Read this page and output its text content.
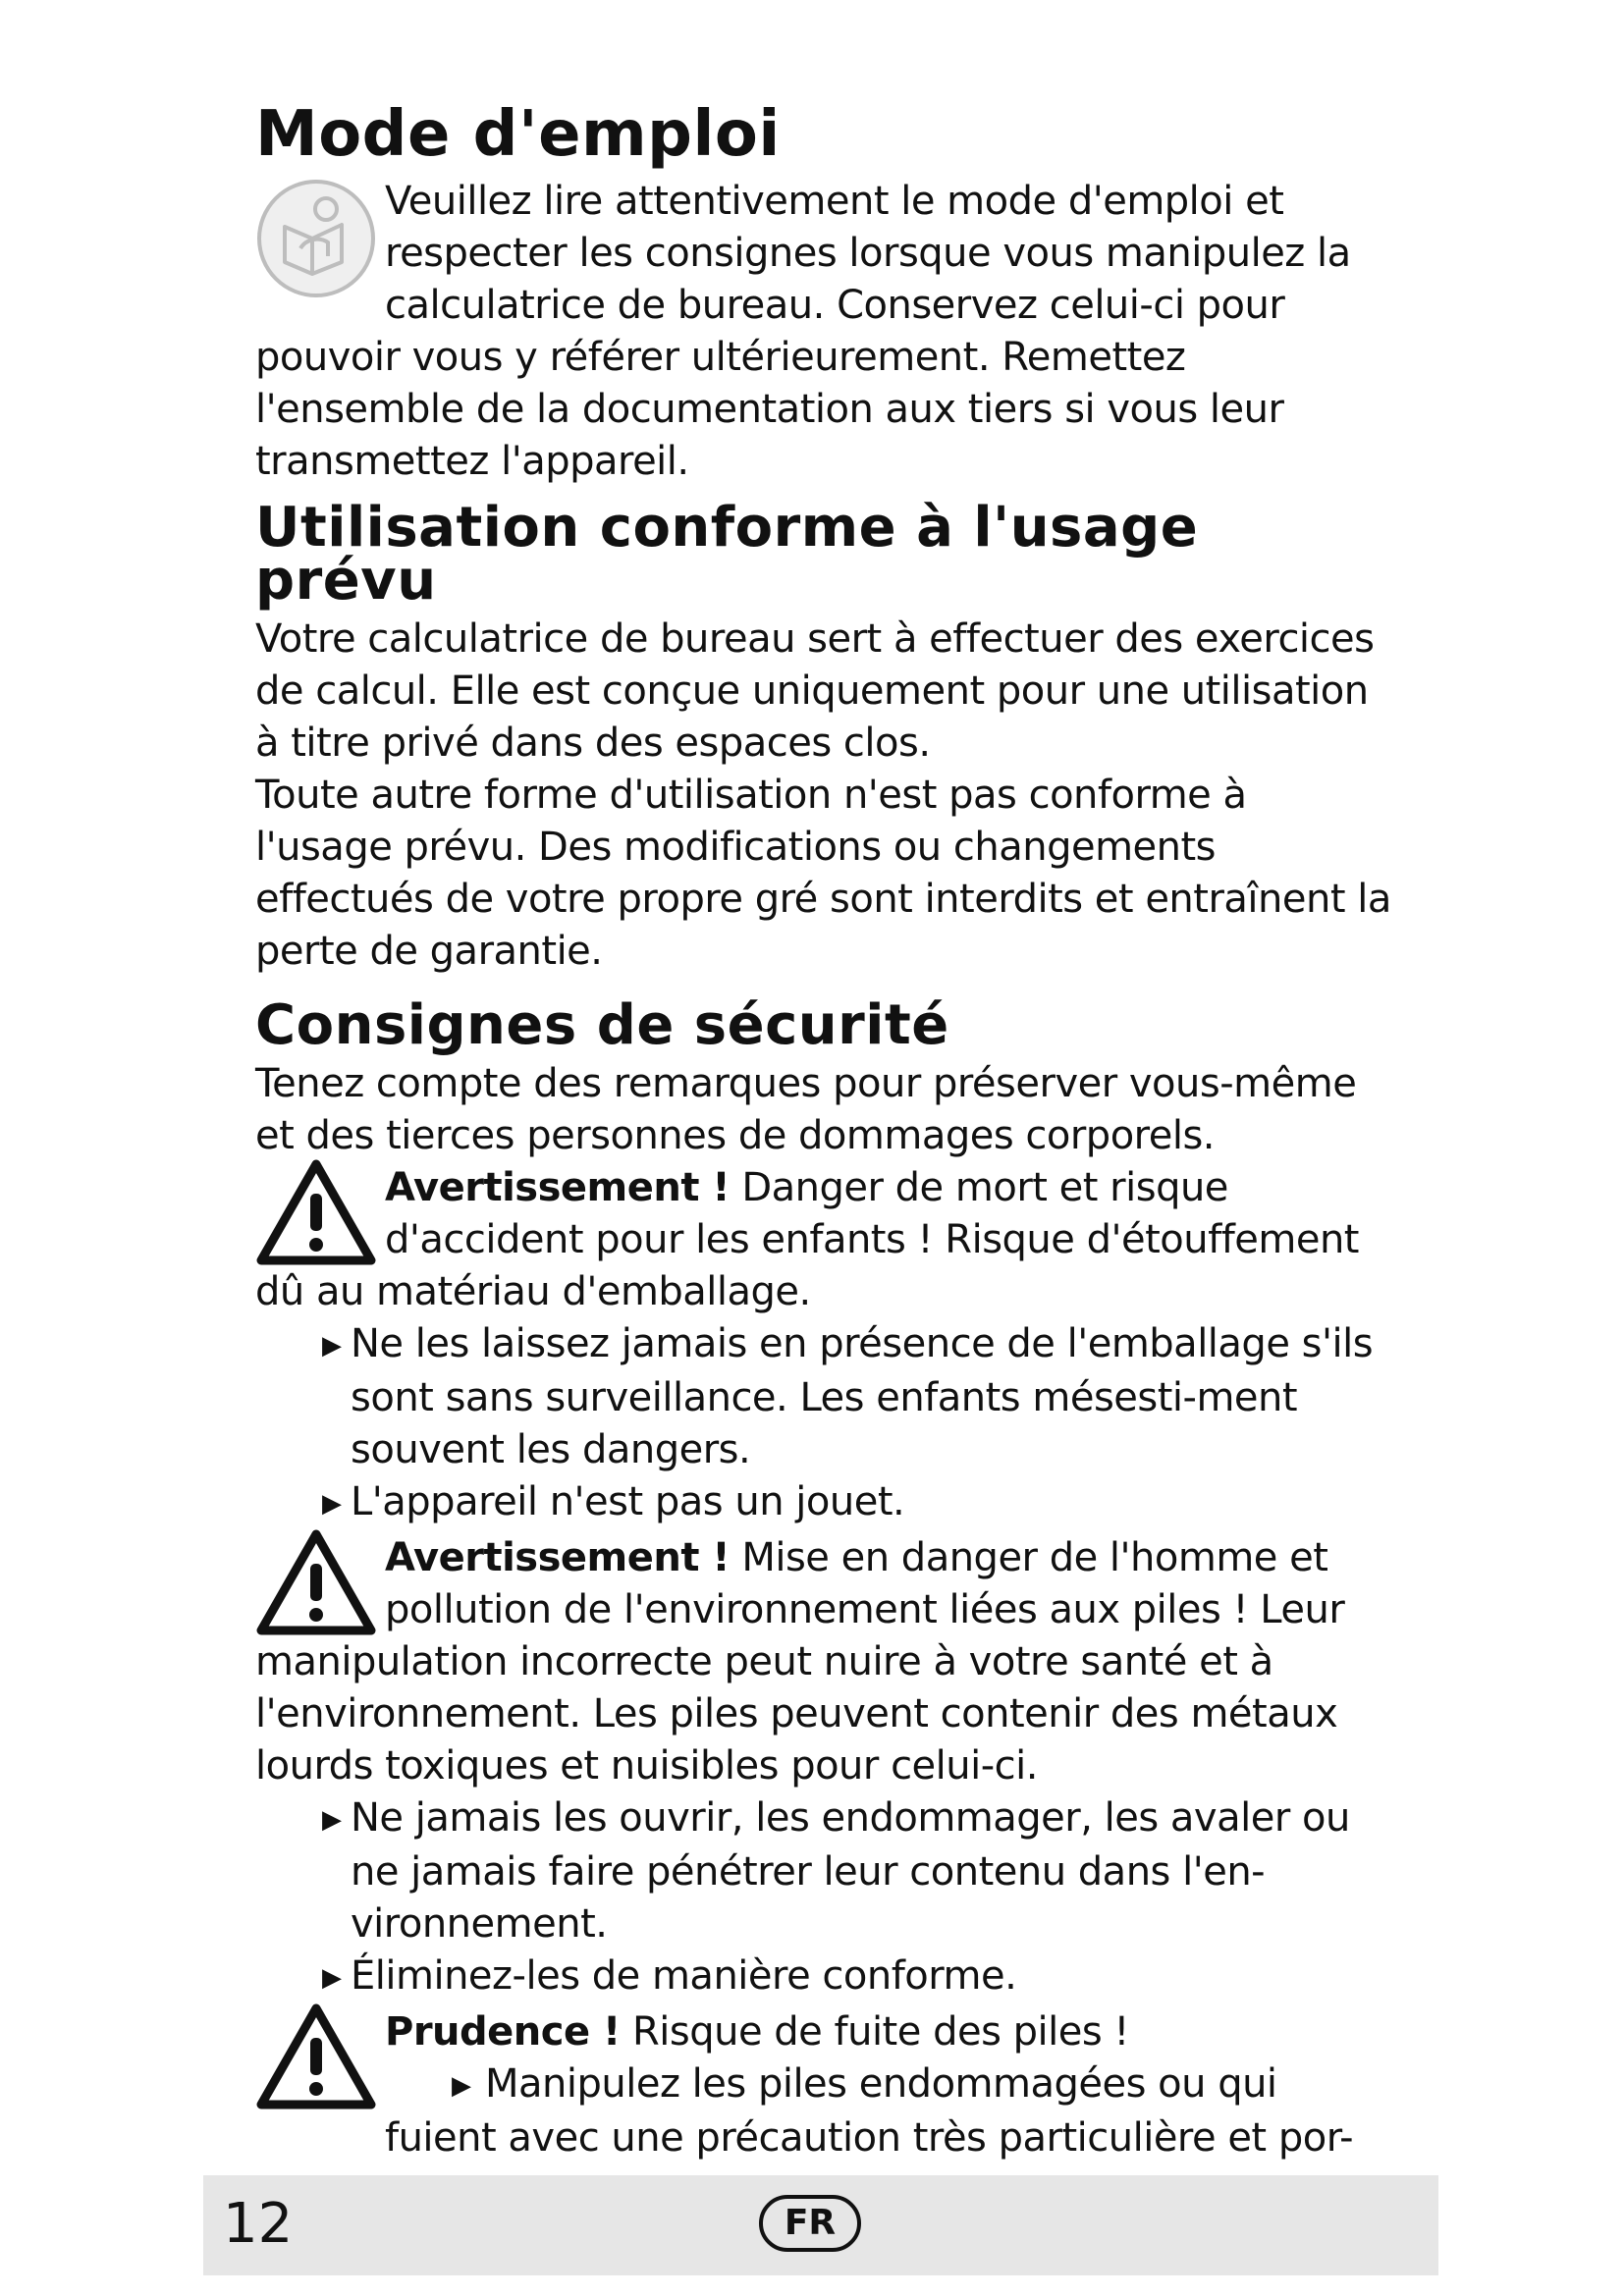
Mode d'emploi

Veuillez lire attentivement le mode d'emploi et respecter les consignes lorsque vous manipulez la calculatrice de bureau. Conservez celui-ci pour pouvoir vous y référer ultérieurement. Remettez l'ensemble de la documentation aux tiers si vous leur transmettez l'appareil.

Utilisation conforme à l'usage prévu

Votre calculatrice de bureau sert à effectuer des exercices de calcul. Elle est conçue uniquement pour une utilisation à titre privé dans des espaces clos.

Toute autre forme d'utilisation n'est pas conforme à l'usage prévu. Des modifications ou changements effectués de votre propre gré sont interdits et entraînent la perte de garantie.

Consignes de sécurité

Tenez compte des remarques pour préserver vous-même et des tierces personnes de dommages corporels.

Avertissement ! Danger de mort et risque d'accident pour les enfants ! Risque d'étouffement dû au matériau d'emballage.

▶ Ne les laissez jamais en présence de l'emballage s'ils sont sans surveillance. Les enfants mésesti-ment souvent les dangers.

▶ L'appareil n'est pas un jouet.

Avertissement ! Mise en danger de l'homme et pollution de l'environnement liées aux piles ! Leur manipulation incorrecte peut nuire à votre santé et à l'environnement. Les piles peuvent contenir des métaux lourds toxiques et nuisibles pour celui-ci.

▶ Ne jamais les ouvrir, les endommager, les avaler ou ne jamais faire pénétrer leur contenu dans l'en-vironnement.

▶ Éliminez-les de manière conforme.

Prudence ! Risque de fuite des piles !
▶ Manipulez les piles endommagées ou qui fuient avec une précaution très particulière et por-

12	FR
